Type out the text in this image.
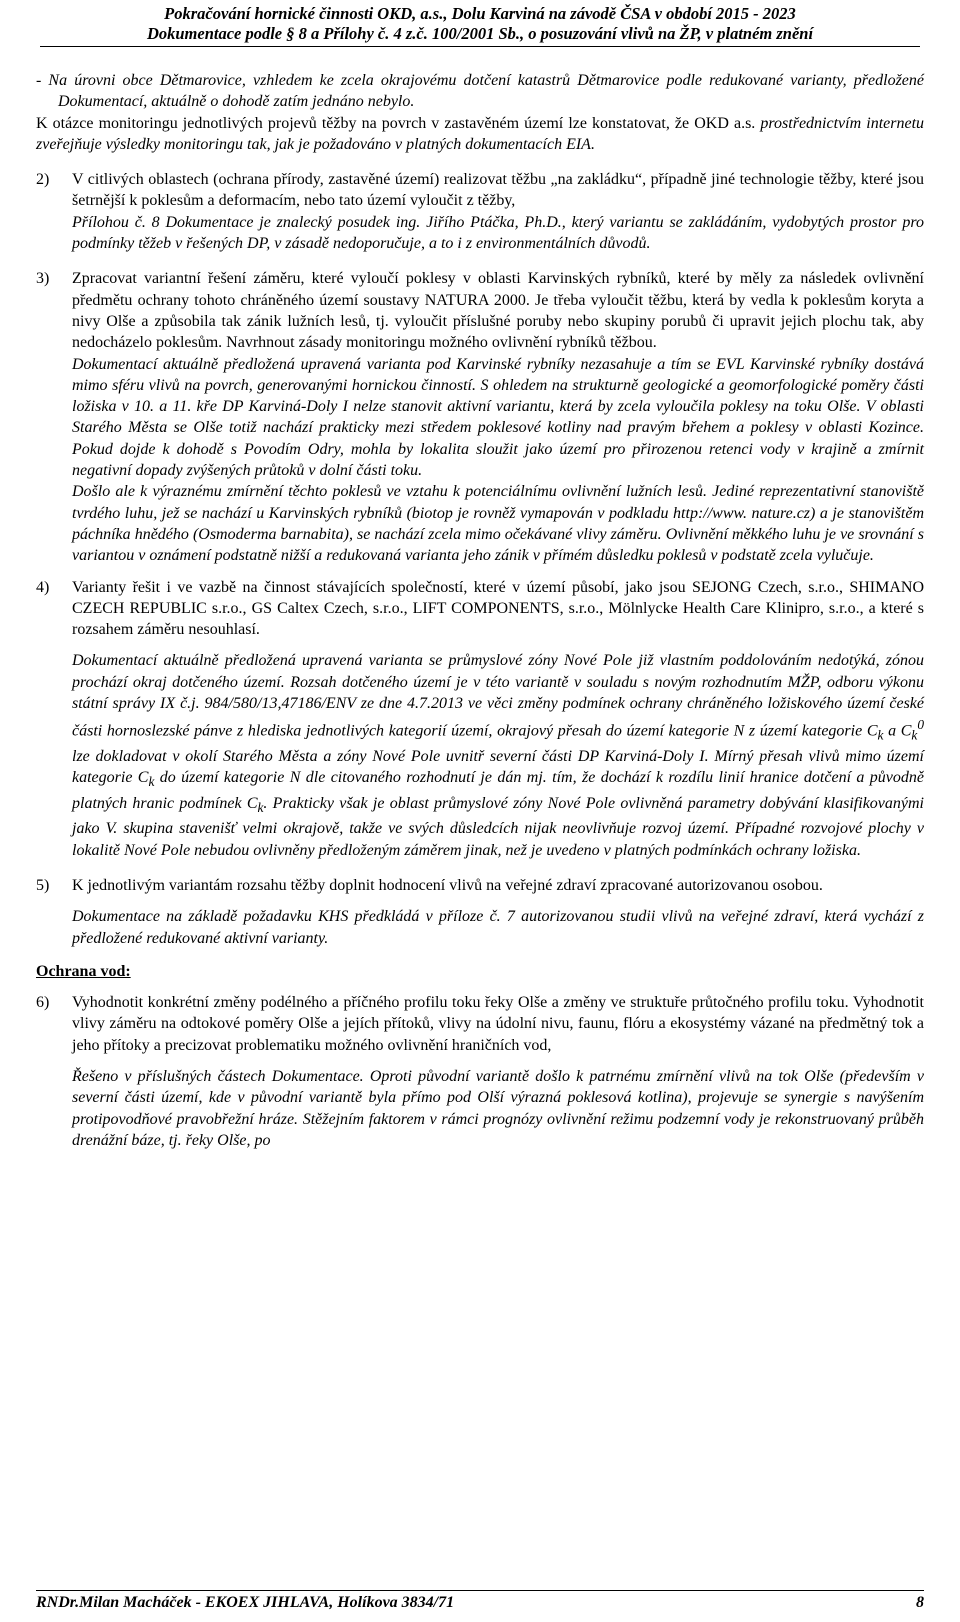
Pokračování hornické činnosti OKD, a.s., Dolu Karviná na závodě ČSA v období 2015 - 2023
Dokumentace podle § 8 a Přílohy č. 4 z.č. 100/2001 Sb., o posuzování vlivů na ŽP, v platném znění

- Na úrovni obce Dětmarovice, vzhledem ke zcela okrajovému dotčení katastrů Dětmarovice podle redukované varianty, předložené Dokumentací, aktuálně o dohodě zatím jednáno nebylo.

K otázce monitoringu jednotlivých projevů těžby na povrch v zastavěném území lze konstatovat, že OKD a.s. prostřednictvím internetu zveřejňuje výsledky monitoringu tak, jak je požadováno v platných dokumentacích EIA.

2)	V citlivých oblastech (ochrana přírody, zastavěné území) realizovat těžbu „na zakládku“, případně jiné technologie těžby, které jsou šetrnější k poklesům a deformacím, nebo tato území vyloučit z těžby,

Přílohou č. 8 Dokumentace je znalecký posudek ing. Jiřího Ptáčka, Ph.D., který variantu se zakládáním, vydobytých prostor pro podmínky těžeb v řešených DP, v zásadě nedoporučuje, a to i z environmentálních důvodů.

3)	Zpracovat variantní řešení záměru, které vyloučí poklesy v oblasti Karvinských rybníků, které by měly za následek ovlivnění předmětu ochrany tohoto chráněného území soustavy NATURA 2000. Je třeba vyloučit těžbu, která by vedla k poklesům koryta a nivy Olše a způsobila tak zánik lužních lesů, tj. vyloučit příslušné poruby nebo skupiny porubů či upravit jejich plochu tak, aby nedocházelo poklesům. Navrhnout zásady monitoringu možného ovlivnění rybníků těžbou.

Dokumentací aktuálně předložená upravená varianta pod Karvinské rybníky nezasahuje a tím se EVL Karvinské rybníky dostává mimo sféru vlivů na povrch, generovanými hornickou činností. S ohledem na strukturně geologické a geomorfologické poměry části ložiska v 10. a 11. kře DP Karviná-Doly I nelze stanovit aktivní variantu, která by zcela vyloučila poklesy na toku Olše. V oblasti Starého Města se Olše totiž nachází prakticky mezi středem poklesové kotliny nad pravým břehem a poklesy v oblasti Kozince. Pokud dojde k dohodě s Povodím Odry, mohla by lokalita sloužit jako území pro přirozenou retenci vody v krajině a zmírnit negativní dopady zvýšených průtoků v dolní části toku.

Došlo ale k výraznému zmírnění těchto poklesů ve vztahu k potenciálnímu ovlivnění lužních lesů. Jediné reprezentativní stanoviště tvrdého luhu, jež se nachází u Karvinských rybníků (biotop je rovněž vymapován v podkladu http://www. nature.cz) a je stanovištěm páchníka hnědého (Osmoderma barnabita), se nachází zcela mimo očekávané vlivy záměru. Ovlivnění měkkého luhu je ve srovnání s variantou v oznámení podstatně nižší a redukovaná varianta jeho zánik v přímém důsledku poklesů v podstatě zcela vylučuje.

4)	Varianty řešit i ve vazbě na činnost stávajících společností, které v území působí, jako jsou SEJONG Czech, s.r.o., SHIMANO CZECH REPUBLIC s.r.o., GS Caltex Czech, s.r.o., LIFT COMPONENTS, s.r.o., Mölnlycke Health Care Klinipro, s.r.o., a které s rozsahem záměru nesouhlasí.

Dokumentací aktuálně předložená upravená varianta se průmyslové zóny Nové Pole již vlastním poddolováním nedotýká, zónou prochází okraj dotčeného území. Rozsah dotčeného území je v této variantě v souladu s novým rozhodnutím MŽP, odboru výkonu státní správy IX č.j. 984/580/13,47186/ENV ze dne 4.7.2013 ve věci změny podmínek ochrany chráněného ložiskového území české části hornoslezské pánve z hlediska jednotlivých kategorií území, okrajový přesah do území kategorie N z území kategorie $C_k$ a $C_k^0$ lze dokladovat v okolí Starého Města a zóny Nové Pole uvnitř severní části DP Karviná-Doly I. Mírný přesah vlivů mimo území kategorie $C_k$ do území kategorie N dle citovaného rozhodnutí je dán mj. tím, že dochází k rozdílu linií hranice dotčení a původně platných hranic podmínek $C_k$. Prakticky však je oblast průmyslové zóny Nové Pole ovlivněná parametry dobývání klasifikovanými jako V. skupina stavenišť velmi okrajově, takže ve svých důsledcích nijak neovlivňuje rozvoj území. Případné rozvojové plochy v lokalitě Nové Pole nebudou ovlivněny předloženým záměrem jinak, než je uvedeno v platných podmínkách ochrany ložiska.

5)	K jednotlivým variantám rozsahu těžby doplnit hodnocení vlivů na veřejné zdraví zpracované autorizovanou osobou.

Dokumentace na základě požadavku KHS předkládá v příloze č. 7 autorizovanou studii vlivů na veřejné zdraví, která vychází z předložené redukované aktivní varianty.

Ochrana vod:

6)	Vyhodnotit konkrétní změny podélného a příčného profilu toku řeky Olše a změny ve struktuře průtočného profilu toku. Vyhodnotit vlivy záměru na odtokové poměry Olše a jejích přítoků, vlivy na údolní nivu, faunu, flóru a ekosystémy vázané na předmětný tok a jeho přítoky a precizovat problematiku možného ovlivnění hraničních vod,

Řešeno v příslušných částech Dokumentace. Oproti původní variantě došlo k patrnému zmírnění vlivů na tok Olše (především v severní části území, kde v původní variantě byla přímo pod Olší výrazná poklesová kotlina), projevuje se synergie s navýšením protipovodňové pravobřežní hráze. Stěžejním faktorem v rámci prognózy ovlivnění režimu podzemní vody je rekonstruovaný průběh drenážní báze, tj. řeky Olše, po

RNDr.Milan Macháček - EKOEX JIHLAVA, Holíkova 3834/71	8
